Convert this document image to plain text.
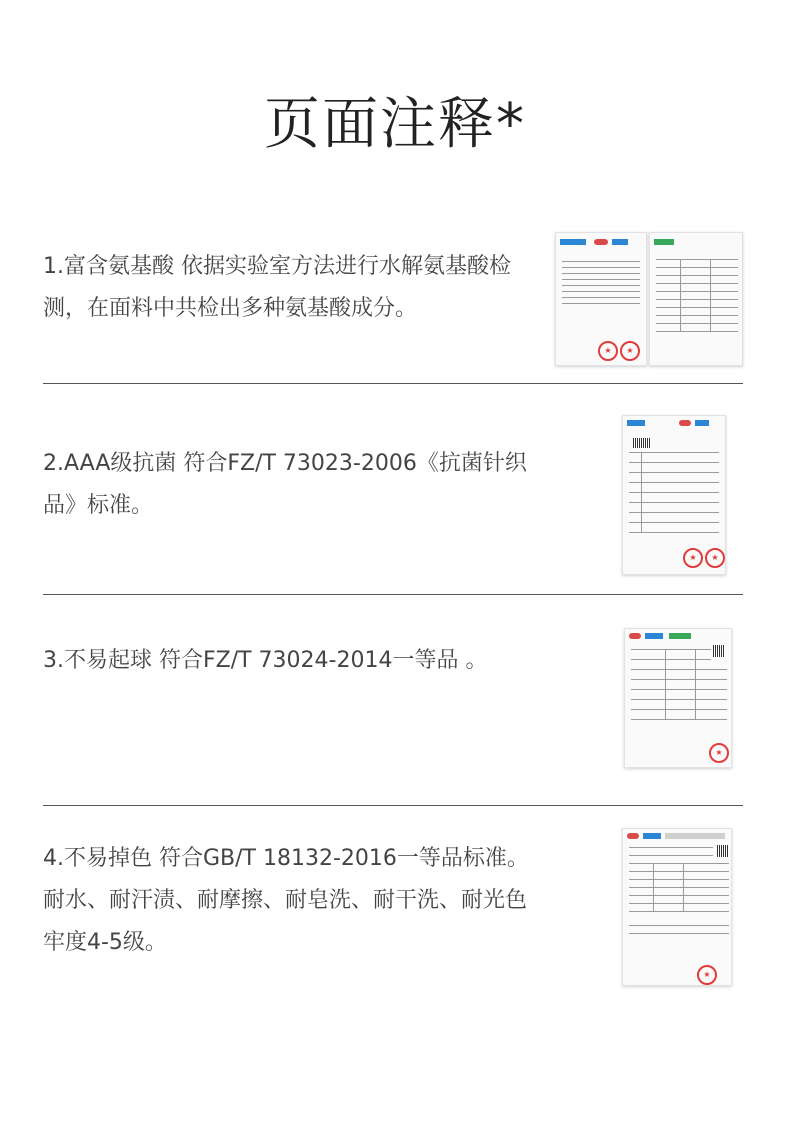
页面注释*
1.富含氨基酸 依据实验室方法进行水解氨基酸检测，在面料中共检出多种氨基酸成分。
★
★
2.AAA级抗菌 符合FZ/T 73023-2006《抗菌针织品》标准。
★
★
3.不易起球 符合FZ/T 73024-2014一等品 。
★
4.不易掉色 符合GB/T 18132-2016一等品标准。耐水、耐汗渍、耐摩擦、耐皂洗、耐干洗、耐光色牢度4-5级。
★
